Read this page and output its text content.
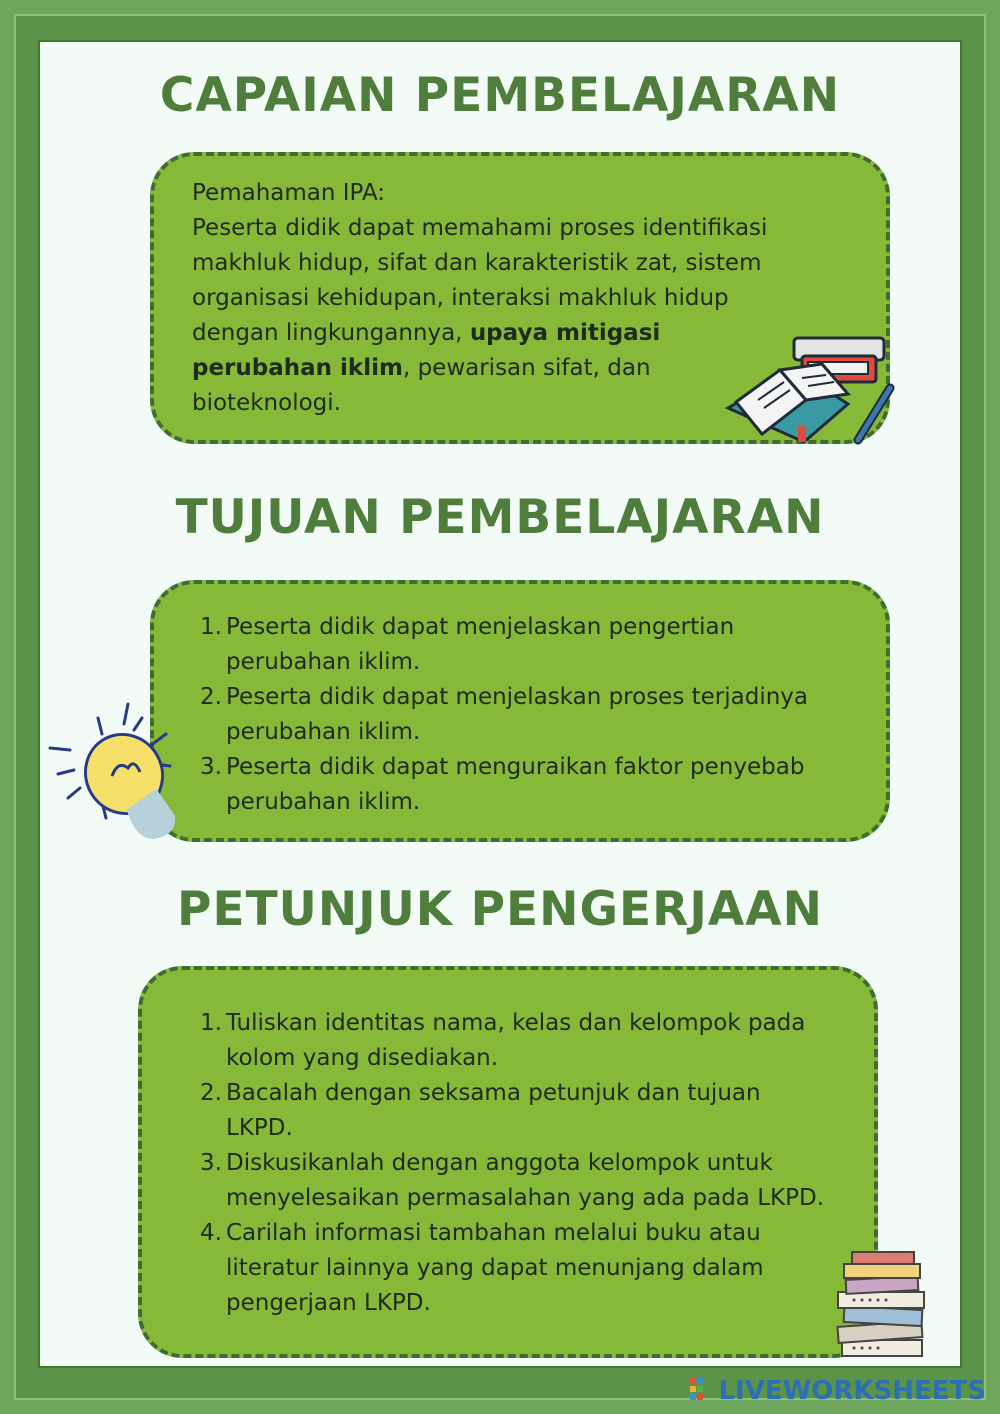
CAPAIAN PEMBELAJARAN

Pemahaman IPA:

Peserta didik dapat memahami proses identifikasi makhluk hidup, sifat dan karakteristik zat, sistem organisasi kehidupan, interaksi makhluk hidup dengan lingkungannya, upaya mitigasi perubahan iklim, pewarisan sifat, dan bioteknologi.

TUJUAN PEMBELAJARAN
1. Peserta didik dapat menjelaskan pengertian
perubahan iklim.
2. Peserta didik dapat menjelaskan proses terjadinya
perubahan iklim.
3. Peserta didik dapat menguraikan faktor penyebab
perubahan iklim.
PETUNJUK PENGERJAAN
1. Tuliskan identitas nama, kelas dan kelompok pada
kolom yang disediakan.
2. Bacalah dengan seksama petunjuk dan tujuan
LKPD.
3. Diskusikanlah dengan anggota kelompok untuk
menyelesaikan permasalahan yang ada pada LKPD.
4. Carilah informasi tambahan melalui buku atau
literatur lainnya yang dapat menunjang dalam
pengerjaan LKPD.
LIVEWORKSHEETS
